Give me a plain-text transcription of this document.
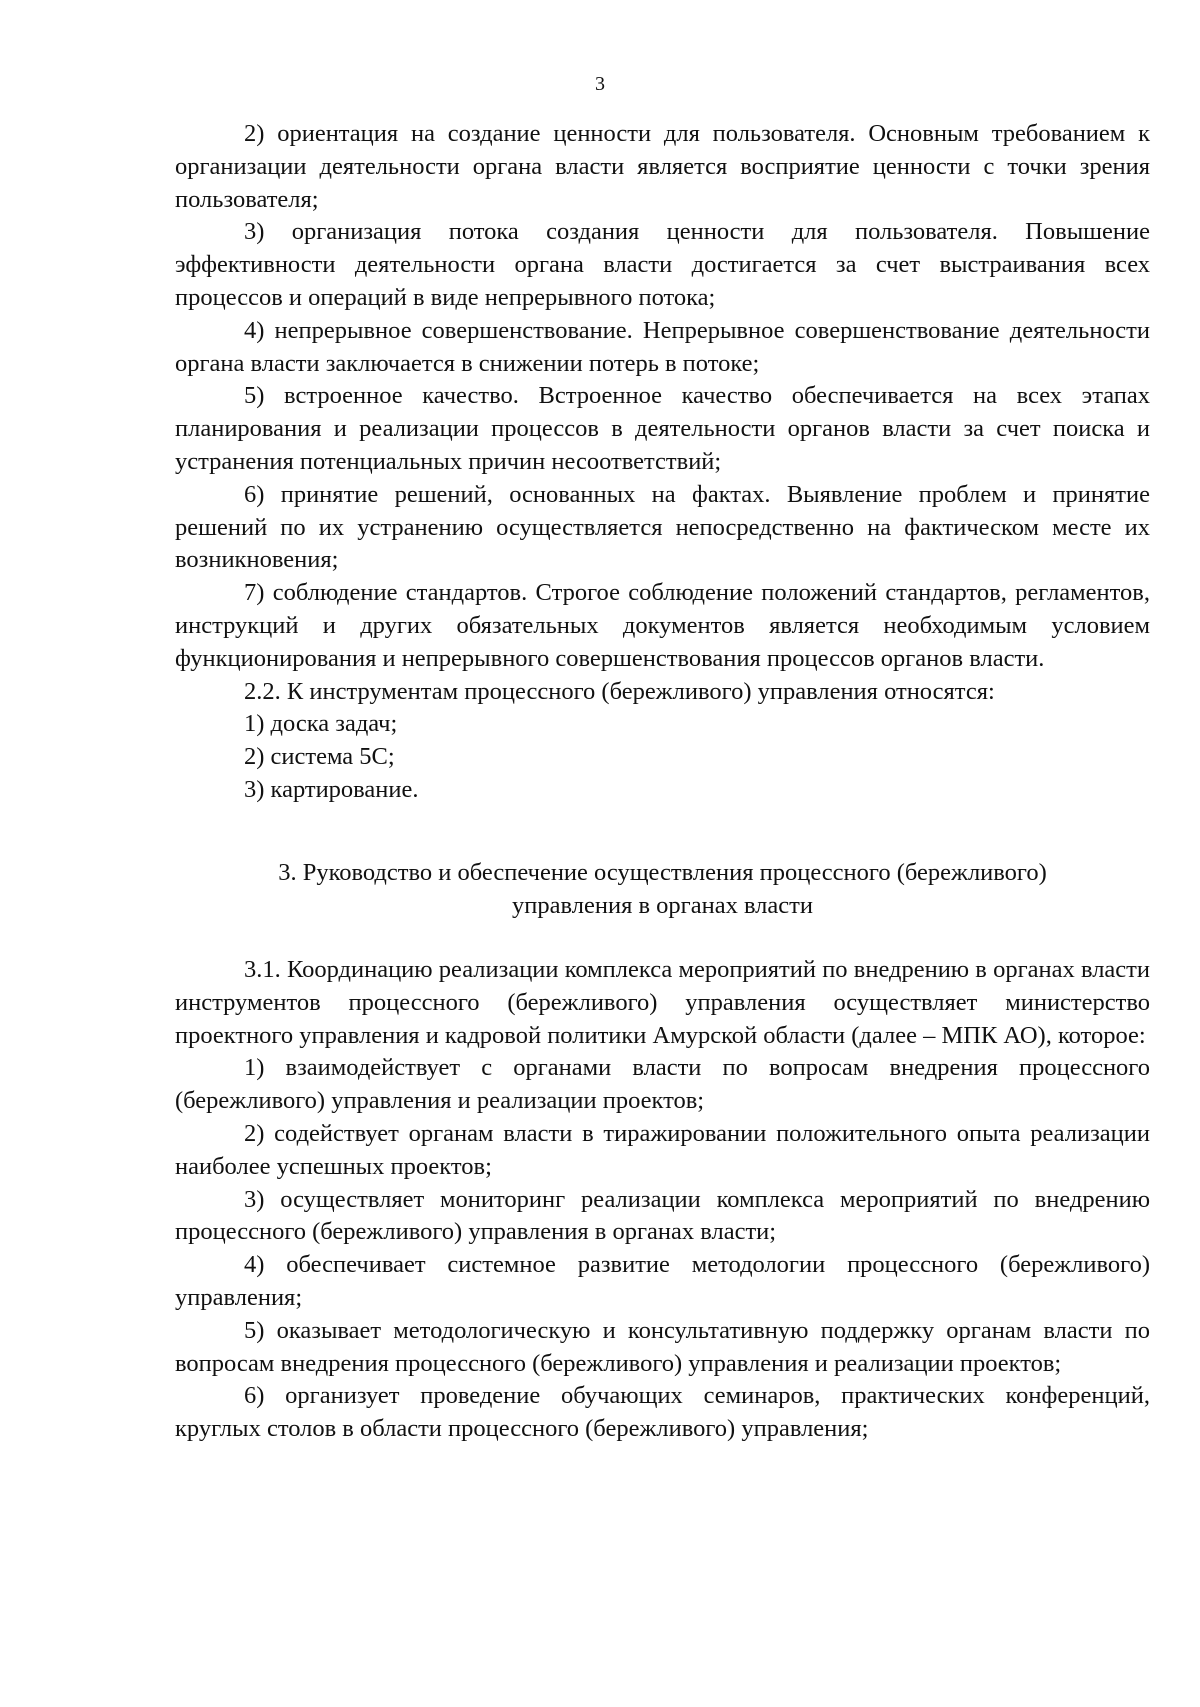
3

2) ориентация на создание ценности для пользователя. Основным требованием к организации деятельности органа власти является восприятие ценности с точки зрения пользователя;

3) организация потока создания ценности для пользователя. Повышение эффективности деятельности органа власти достигается за счет выстраивания всех процессов и операций в виде непрерывного потока;

4) непрерывное совершенствование. Непрерывное совершенствование деятельности органа власти заключается в снижении потерь в потоке;

5) встроенное качество. Встроенное качество обеспечивается на всех этапах планирования и реализации процессов в деятельности органов власти за счет поиска и устранения потенциальных причин несоответствий;

6) принятие решений, основанных на фактах. Выявление проблем и принятие решений по их устранению осуществляется непосредственно на фактическом месте их возникновения;

7) соблюдение стандартов. Строгое соблюдение положений стандартов, регламентов, инструкций и других обязательных документов является необходимым условием функционирования и непрерывного совершенствования процессов органов власти.

2.2. К инструментам процессного (бережливого) управления относятся:

1) доска задач;

2) система 5С;

3) картирование.

3. Руководство и обеспечение осуществления процессного (бережливого)

управления в органах власти

3.1. Координацию реализации комплекса мероприятий по внедрению в органах власти инструментов процессного (бережливого) управления осуществляет министерство проектного управления и кадровой политики Амурской области (далее – МПК АО), которое:

1) взаимодействует с органами власти по вопросам внедрения процессного (бережливого) управления и реализации проектов;

2) содействует органам власти в тиражировании положительного опыта реализации наиболее успешных проектов;

3) осуществляет мониторинг реализации комплекса мероприятий по внедрению процессного (бережливого) управления в органах власти;

4) обеспечивает системное развитие методологии процессного (бережливого) управления;

5) оказывает методологическую и консультативную поддержку органам власти по вопросам внедрения процессного (бережливого) управления и реализации проектов;

6) организует проведение обучающих семинаров, практических конференций, круглых столов в области процессного (бережливого) управления;
